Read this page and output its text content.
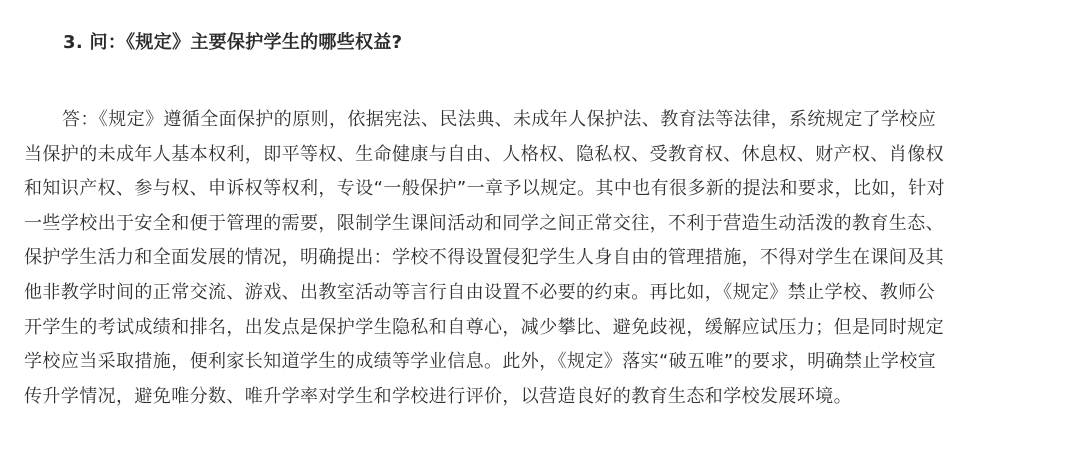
3. 问：《规定》主要保护学生的哪些权益?
答：《规定》遵循全面保护的原则，依据宪法、民法典、未成年人保护法、教育法等法律，系统规定了学校应
当保护的未成年人基本权利，即平等权、生命健康与自由、人格权、隐私权、受教育权、休息权、财产权、肖像权
和知识产权、参与权、申诉权等权利，专设“一般保护”一章予以规定。其中也有很多新的提法和要求，比如，针对
一些学校出于安全和便于管理的需要，限制学生课间活动和同学之间正常交往，不利于营造生动活泼的教育生态、
保护学生活力和全面发展的情况，明确提出：学校不得设置侵犯学生人身自由的管理措施，不得对学生在课间及其
他非教学时间的正常交流、游戏、出教室活动等言行自由设置不必要的约束。再比如，《规定》禁止学校、教师公
开学生的考试成绩和排名，出发点是保护学生隐私和自尊心，减少攀比、避免歧视，缓解应试压力；但是同时规定
学校应当采取措施，便利家长知道学生的成绩等学业信息。此外，《规定》落实“破五唯”的要求，明确禁止学校宣
传升学情况，避免唯分数、唯升学率对学生和学校进行评价，以营造良好的教育生态和学校发展环境。
